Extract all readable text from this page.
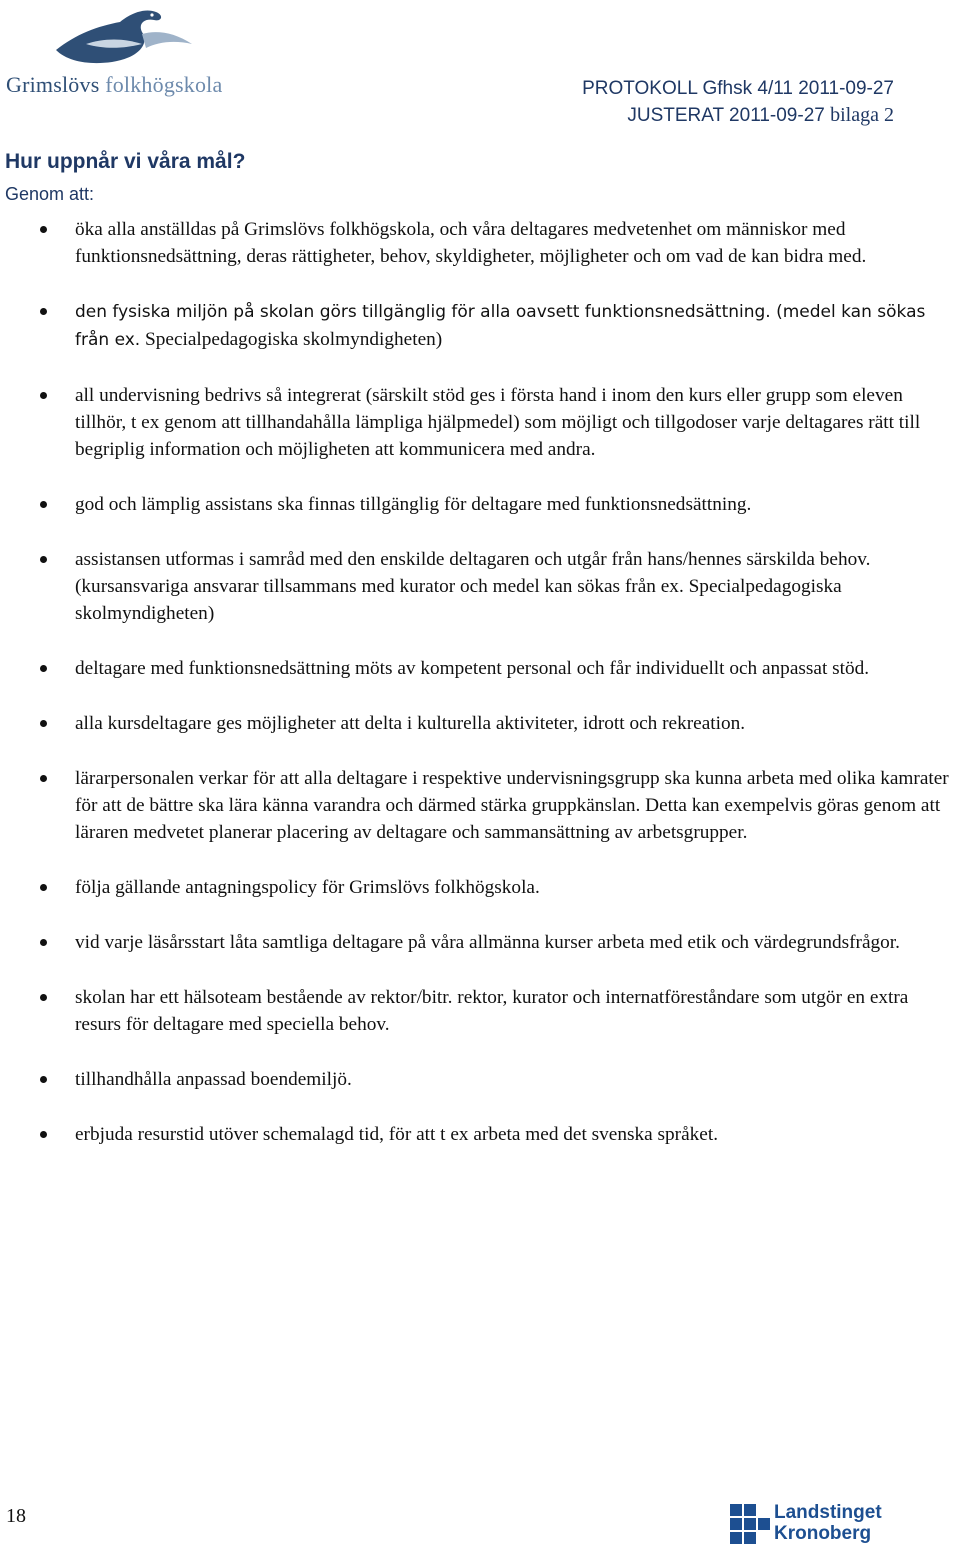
Grimslövs folkhögskola	PROTOKOLL Gfhsk 4/11 2011-09-27
JUSTERAT 2011-09-27 bilaga 2
Hur uppnår vi våra mål?
Genom att:
öka alla anställdas på Grimslövs folkhögskola, och våra deltagares medvetenhet om människor med funktionsnedsättning, deras rättigheter, behov, skyldigheter, möjligheter och om vad de kan bidra med.
den fysiska miljön på skolan görs tillgänglig för alla oavsett funktionsnedsättning. (medel kan sökas från ex. Specialpedagogiska skolmyndigheten)
all undervisning bedrivs så integrerat (särskilt stöd ges i första hand i inom den kurs eller grupp som eleven tillhör, t ex genom att tillhandahålla lämpliga hjälpmedel) som möjligt och tillgodoser varje deltagares rätt till begriplig information och möjligheten att kommunicera med andra.
god och lämplig assistans ska finnas tillgänglig för deltagare med funktionsnedsättning.
assistansen utformas i samråd med den enskilde deltagaren och utgår från hans/hennes särskilda behov. (kursansvariga ansvarar tillsammans med kurator och medel kan sökas från ex. Specialpedagogiska skolmyndigheten)
deltagare med funktionsnedsättning möts av kompetent personal och får individuellt och anpassat stöd.
alla kursdeltagare ges möjligheter att delta i kulturella aktiviteter, idrott och rekreation.
lärarpersonalen verkar för att alla deltagare i respektive undervisningsgrupp ska kunna arbeta med olika kamrater för att de bättre ska lära känna varandra och därmed stärka gruppkänslan. Detta kan exempelvis göras genom att läraren medvetet planerar placering av deltagare och sammansättning av arbetsgrupper.
följa gällande antagningspolicy för Grimslövs folkhögskola.
vid varje läsårsstart låta samtliga deltagare på våra allmänna kurser arbeta med etik och värdegrundsfrågor.
skolan har ett hälsoteam bestående av rektor/bitr. rektor, kurator och internatföreståndare som utgör en extra resurs för deltagare med speciella behov.
tillhandhålla anpassad boendemiljö.
erbjuda resurstid utöver schemalagd tid, för att t ex arbeta med det svenska språket.
18	Landstinget
Kronoberg
